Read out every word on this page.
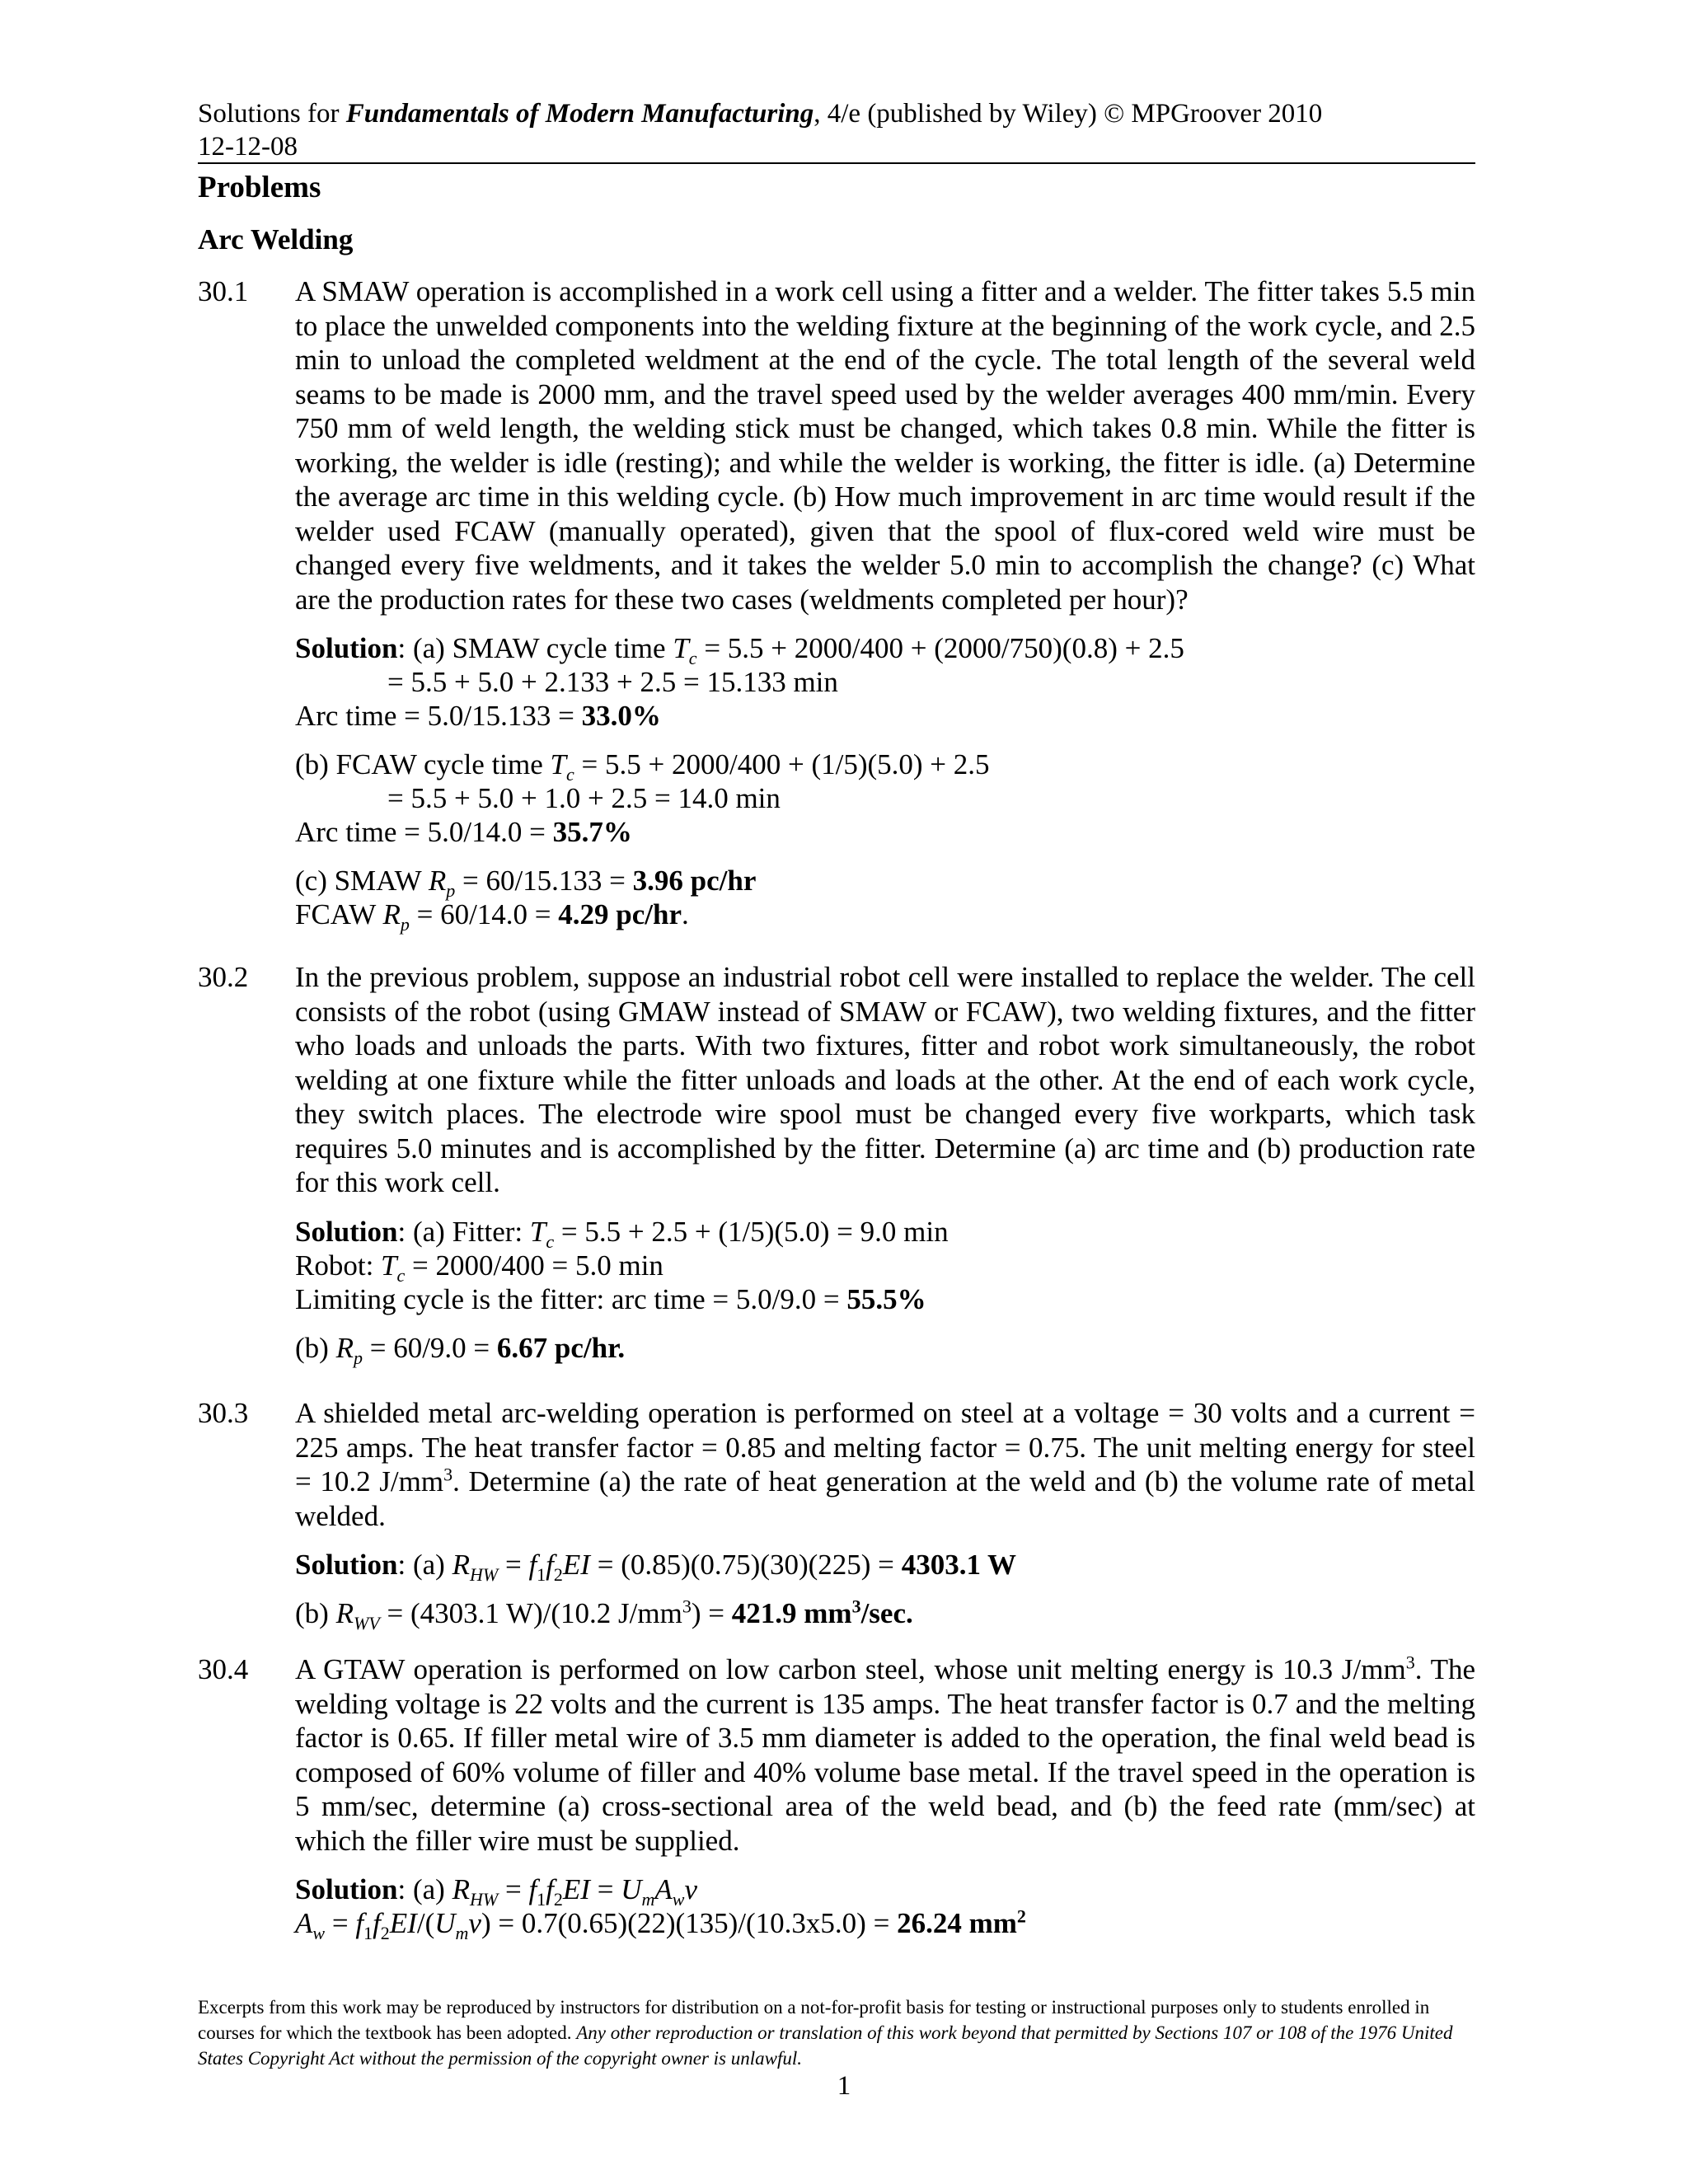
Solutions for Fundamentals of Modern Manufacturing, 4/e (published by Wiley) © MPGroover 2010
12-12-08
Problems
Arc Welding
30.1 A SMAW operation is accomplished in a work cell using a fitter and a welder. The fitter takes 5.5 min to place the unwelded components into the welding fixture at the beginning of the work cycle, and 2.5 min to unload the completed weldment at the end of the cycle. The total length of the several weld seams to be made is 2000 mm, and the travel speed used by the welder averages 400 mm/min. Every 750 mm of weld length, the welding stick must be changed, which takes 0.8 min. While the fitter is working, the welder is idle (resting); and while the welder is working, the fitter is idle. (a) Determine the average arc time in this welding cycle. (b) How much improvement in arc time would result if the welder used FCAW (manually operated), given that the spool of flux-cored weld wire must be changed every five weldments, and it takes the welder 5.0 min to accomplish the change? (c) What are the production rates for these two cases (weldments completed per hour)?

Solution: (a) SMAW cycle time $T_c = 5.5 + 2000/400 + (2000/750)(0.8) + 2.5$

= 5.5 + 5.0 + 2.133 + 2.5 = 15.133 min

Arc time = 5.0/15.133 = 33.0%

(b) FCAW cycle time $T_c = 5.5 + 2000/400 + (1/5)(5.0) + 2.5$

= 5.5 + 5.0 + 1.0 + 2.5 = 14.0 min

Arc time = 5.0/14.0 = 35.7%

(c) SMAW $R_p = 60/15.133 = 3.96$ pc/hr

FCAW $R_p = 60/14.0 = 4.29$ pc/hr.

30.2 In the previous problem, suppose an industrial robot cell were installed to replace the welder. The cell consists of the robot (using GMAW instead of SMAW or FCAW), two welding fixtures, and the fitter who loads and unloads the parts. With two fixtures, fitter and robot work simultaneously, the robot welding at one fixture while the fitter unloads and loads at the other. At the end of each work cycle, they switch places. The electrode wire spool must be changed every five workparts, which task requires 5.0 minutes and is accomplished by the fitter. Determine (a) arc time and (b) production rate for this work cell.

Solution: (a) Fitter: $T_c = 5.5 + 2.5 + (1/5)(5.0) = 9.0$ min

Robot: $T_c = 2000/400 = 5.0$ min

Limiting cycle is the fitter: arc time = 5.0/9.0 = 55.5%

(b) $R_p = 60/9.0 = 6.67$ pc/hr.

30.3 A shielded metal arc-welding operation is performed on steel at a voltage = 30 volts and a current = 225 amps. The heat transfer factor = 0.85 and melting factor = 0.75. The unit melting energy for steel = 10.2 $J/mm^3$. Determine (a) the rate of heat generation at the weld and (b) the volume rate of metal welded.

Solution: (a) $R_{HW} = f_1f_2EI = (0.85)(0.75)(30)(225) = 4303.1$ W

(b) $R_{WV} = (4303.1$ W)/(10.2 $J/mm^3) = 421.9$ $mm^3/\sec$.

30.4 A GTAW operation is performed on low carbon steel, whose unit melting energy is 10.3 $J/mm^3$. The welding voltage is 22 volts and the current is 135 amps. The heat transfer factor is 0.7 and the melting factor is 0.65. If filler metal wire of 3.5 mm diameter is added to the operation, the final weld bead is composed of 60% volume of filler and 40% volume base metal. If the travel speed in the operation is 5 mm/sec, determine (a) cross-sectional area of the weld bead, and (b) the feed rate (mm/sec) at which the filler wire must be supplied.

Solution: (a) $R_{HW} = f_1f_2EI = U_mA_wv$

$A_w = f_1f_2EI/(U_mv) = 0.7(0.65)(22)(135)/(10.3x5.0) = 26.24$ $mm^2$

Excerpts from this work may be reproduced by instructors for distribution on a not-for-profit basis for testing or instructional purposes only to students enrolled in courses for which the textbook has been adopted. Any other reproduction or translation of this work beyond that permitted by Sections 107 or 108 of the 1976 United States Copyright Act without the permission of the copyright owner is unlawful.
1
